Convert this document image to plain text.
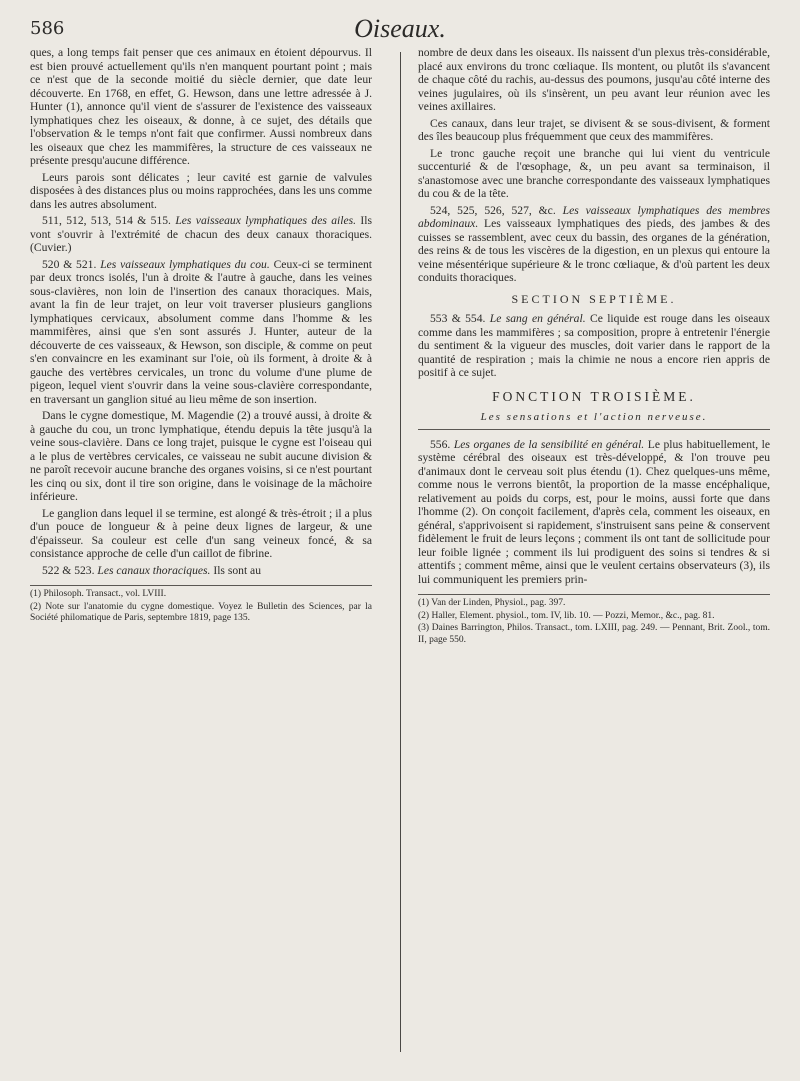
586	Oiseaux.

ques, a long temps fait penser que ces animaux en étoient dépourvus. Il est bien prouvé actuellement qu'ils n'en manquent pourtant point ; mais ce n'est que de la seconde moitié du siècle dernier, que date leur découverte. En 1768, en effet, G. Hewson, dans une lettre adressée à J. Hunter (1), annonce qu'il vient de s'assurer de l'existence des vaisseaux lymphatiques chez les oiseaux, & donne, à ce sujet, des détails que l'observation & le temps n'ont fait que confirmer. Aussi nombreux dans les oiseaux que chez les mammifères, la structure de ces vaisseaux ne présente presqu'aucune différence.

Leurs parois sont délicates ; leur cavité est garnie de valvules disposées à des distances plus ou moins rapprochées, dans les uns comme dans les autres absolument.

511, 512, 513, 514 & 515. Les vaisseaux lymphatiques des ailes. Ils vont s'ouvrir à l'extrémité de chacun des deux canaux thoraciques. (Cuvier.)

520 & 521. Les vaisseaux lymphatiques du cou. Ceux-ci se terminent par deux troncs isolés, l'un à droite & l'autre à gauche, dans les veines sous-clavières, non loin de l'insertion des canaux thoraciques. Mais, avant la fin de leur trajet, on leur voit traverser plusieurs ganglions lymphatiques cervicaux, absolument comme dans l'homme & les mammifères, ainsi que s'en sont assurés J. Hunter, auteur de la découverte de ces vaisseaux, & Hewson, son disciple, & comme on peut s'en convaincre en les examinant sur l'oie, où ils forment, à droite & à gauche des vertèbres cervicales, un tronc du volume d'une plume de pigeon, lequel vient s'ouvrir dans la veine sous-clavière correspondante, en traversant un ganglion situé au lieu même de son insertion.

Dans le cygne domestique, M. Magendie (2) a trouvé aussi, à droite & à gauche du cou, un tronc lymphatique, étendu depuis la tête jusqu'à la veine sous-clavière. Dans ce long trajet, puisque le cygne est l'oiseau qui a le plus de vertèbres cervicales, ce vaisseau ne subit aucune division & ne paroît recevoir aucune branche des organes voisins, si ce n'est pourtant les cinq ou six, dont il tire son origine, dans le voisinage de la mâchoire inférieure.

Le ganglion dans lequel il se termine, est alongé & très-étroit ; il a plus d'un pouce de longueur & à peine deux lignes de largeur, & une d'épaisseur. Sa couleur est celle d'un sang veineux foncé, & sa consistance approche de celle d'un caillot de fibrine.

522 & 523. Les canaux thoraciques. Ils sont au

(1) Philosoph. Transact., vol. LVIII.

(2) Note sur l'anatomie du cygne domestique. Voyez le Bulletin des Sciences, par la Société philomatique de Paris, septembre 1819, page 135.

nombre de deux dans les oiseaux. Ils naissent d'un plexus très-considérable, placé aux environs du tronc cœliaque. Ils montent, ou plutôt ils s'avancent de chaque côté du rachis, au-dessus des poumons, jusqu'au côté interne des veines jugulaires, où ils s'insèrent, un peu avant leur réunion avec les veines axillaires.

Ces canaux, dans leur trajet, se divisent & se sous-divisent, & forment des îles beaucoup plus fréquemment que ceux des mammifères.

Le tronc gauche reçoit une branche qui lui vient du ventricule succenturié & de l'œsophage, &, un peu avant sa terminaison, il s'anastomose avec une branche correspondante des vaisseaux lymphatiques du cou & de la tête.

524, 525, 526, 527, &c. Les vaisseaux lymphatiques des membres abdominaux. Les vaisseaux lymphatiques des pieds, des jambes & des cuisses se rassemblent, avec ceux du bassin, des organes de la génération, des reins & de tous les viscères de la digestion, en un plexus qui entoure la veine mésentérique supérieure & le tronc cœliaque, & d'où partent les deux conduits thoraciques.

SECTION SEPTIÈME.

553 & 554. Le sang en général. Ce liquide est rouge dans les oiseaux comme dans les mammifères ; sa composition, propre à entretenir l'énergie du sentiment & la vigueur des muscles, doit varier dans le rapport de la quantité de respiration ; mais la chimie ne nous a encore rien appris de positif à ce sujet.

FONCTION TROISIÈME.

Les sensations et l'action nerveuse.

556. Les organes de la sensibilité en général. Le plus habituellement, le système cérébral des oiseaux est très-développé, & l'on trouve peu d'animaux dont le cerveau soit plus étendu (1). Chez quelques-uns même, comme nous le verrons bientôt, la proportion de la masse encéphalique, relativement au poids du corps, est, pour le moins, aussi forte que dans l'homme (2). On conçoit facilement, d'après cela, comment les oiseaux, en général, s'apprivoisent si rapidement, s'instruisent sans peine & conservent fidèlement le fruit de leurs leçons ; comment ils ont tant de sollicitude pour leur foible lignée ; comment ils lui prodiguent des soins si tendres & si attentifs ; comment même, ainsi que le veulent certains observateurs (3), ils lui communiquent les premiers prin-

(1) Van der Linden, Physiol., pag. 397.

(2) Haller, Element. physiol., tom. IV, lib. 10. — Pozzi, Memor., &c., pag. 81.

(3) Daines Barrington, Philos. Transact., tom. LXIII, pag. 249. — Pennant, Brit. Zool., tom. II, page 550.
